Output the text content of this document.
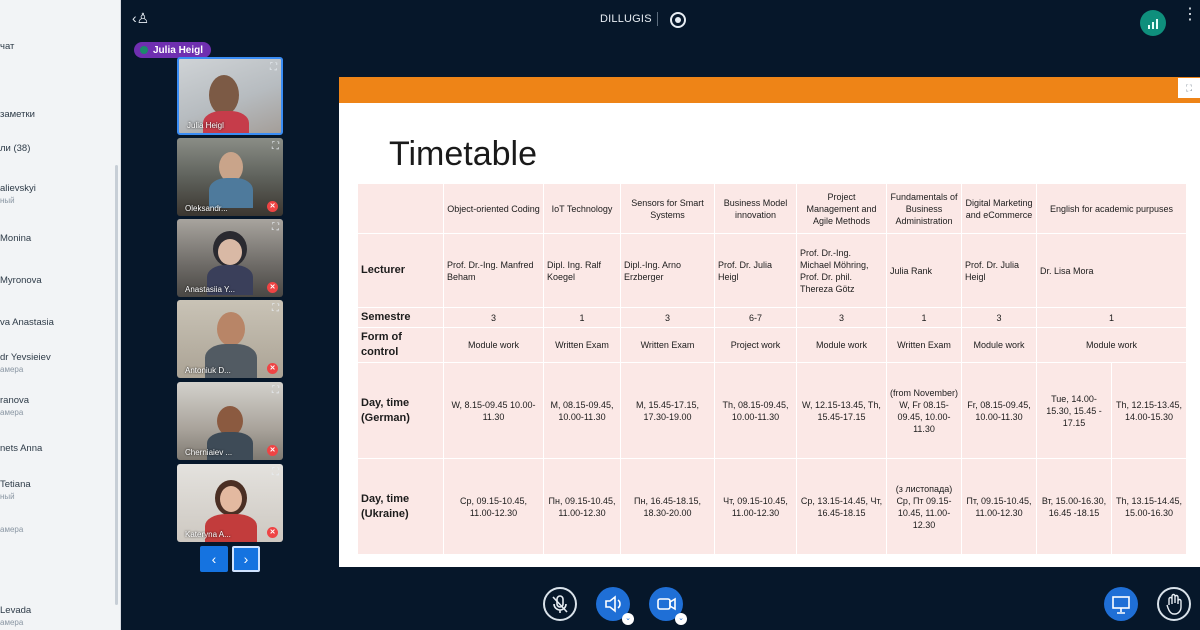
чат
заметки
ли (38)
alievskyi
ный
Monina
Myronova
va Anastasia
dr Yevsieiev
амера
ranova
амера
nets Anna
Tetiana
ный
амера
Levada
амера
‹♙	DILLUGIS	⋮
Julia Heigl
⛶
Julia Heigl
⛶
Oleksandr...	✕
⛶
Anastasiia Y...	✕
⛶
Antoniuk D...	✕
⛶
Cherniaiev ...	✕
⛶
Kateryna A...	✕
‹	›
⛶
Timetable
	Object-oriented Coding	IoT Technology	Sensors for Smart Systems	Business Model innovation	Project Management and Agile Methods	Fundamentals of Business Administration	Digital Marketing and eCommerce	English for academic purpuses	
Lecturer	Prof. Dr.-Ing. Manfred Beham	Dipl. Ing. Ralf Koegel	Dipl.-Ing. Arno Erzberger	Prof. Dr. Julia Heigl	Prof. Dr.-Ing. Michael Möhring, Prof. Dr. phil. Thereza Götz	Julia Rank	Prof. Dr. Julia Heigl	Dr. Lisa Mora	
Semestre	3	1	3	6-7	3	1	3	1	
Form of control	Module work	Written Exam	Written Exam	Project work	Module work	Written Exam	Module work	Module work	
Day, time (German)	W, 8.15-09.45 10.00-11.30	M, 08.15-09.45, 10.00-11.30	M, 15.45-17.15, 17.30-19.00	Th, 08.15-09.45, 10.00-11.30	W, 12.15-13.45, Th, 15.45-17.15	(from November) W, Fr 08.15-09.45, 10.00-11.30	Fr, 08.15-09.45, 10.00-11.30	Tue, 14.00-15.30, 15.45 - 17.15	Th, 12.15-13.45, 14.00-15.30
Day, time (Ukraine)	Ср, 09.15-10.45, 11.00-12.30	Пн, 09.15-10.45, 11.00-12.30	Пн, 16.45-18.15, 18.30-20.00	Чт, 09.15-10.45, 11.00-12.30	Ср, 13.15-14.45, Чт, 16.45-18.15	(з листопада) Ср, Пт 09.15-10.45, 11.00-12.30	Пт, 09.15-10.45, 11.00-12.30	Вт, 15.00-16.30, 16.45 -18.15	Th, 13.15-14.45, 15.00-16.30
⌄	⌄
